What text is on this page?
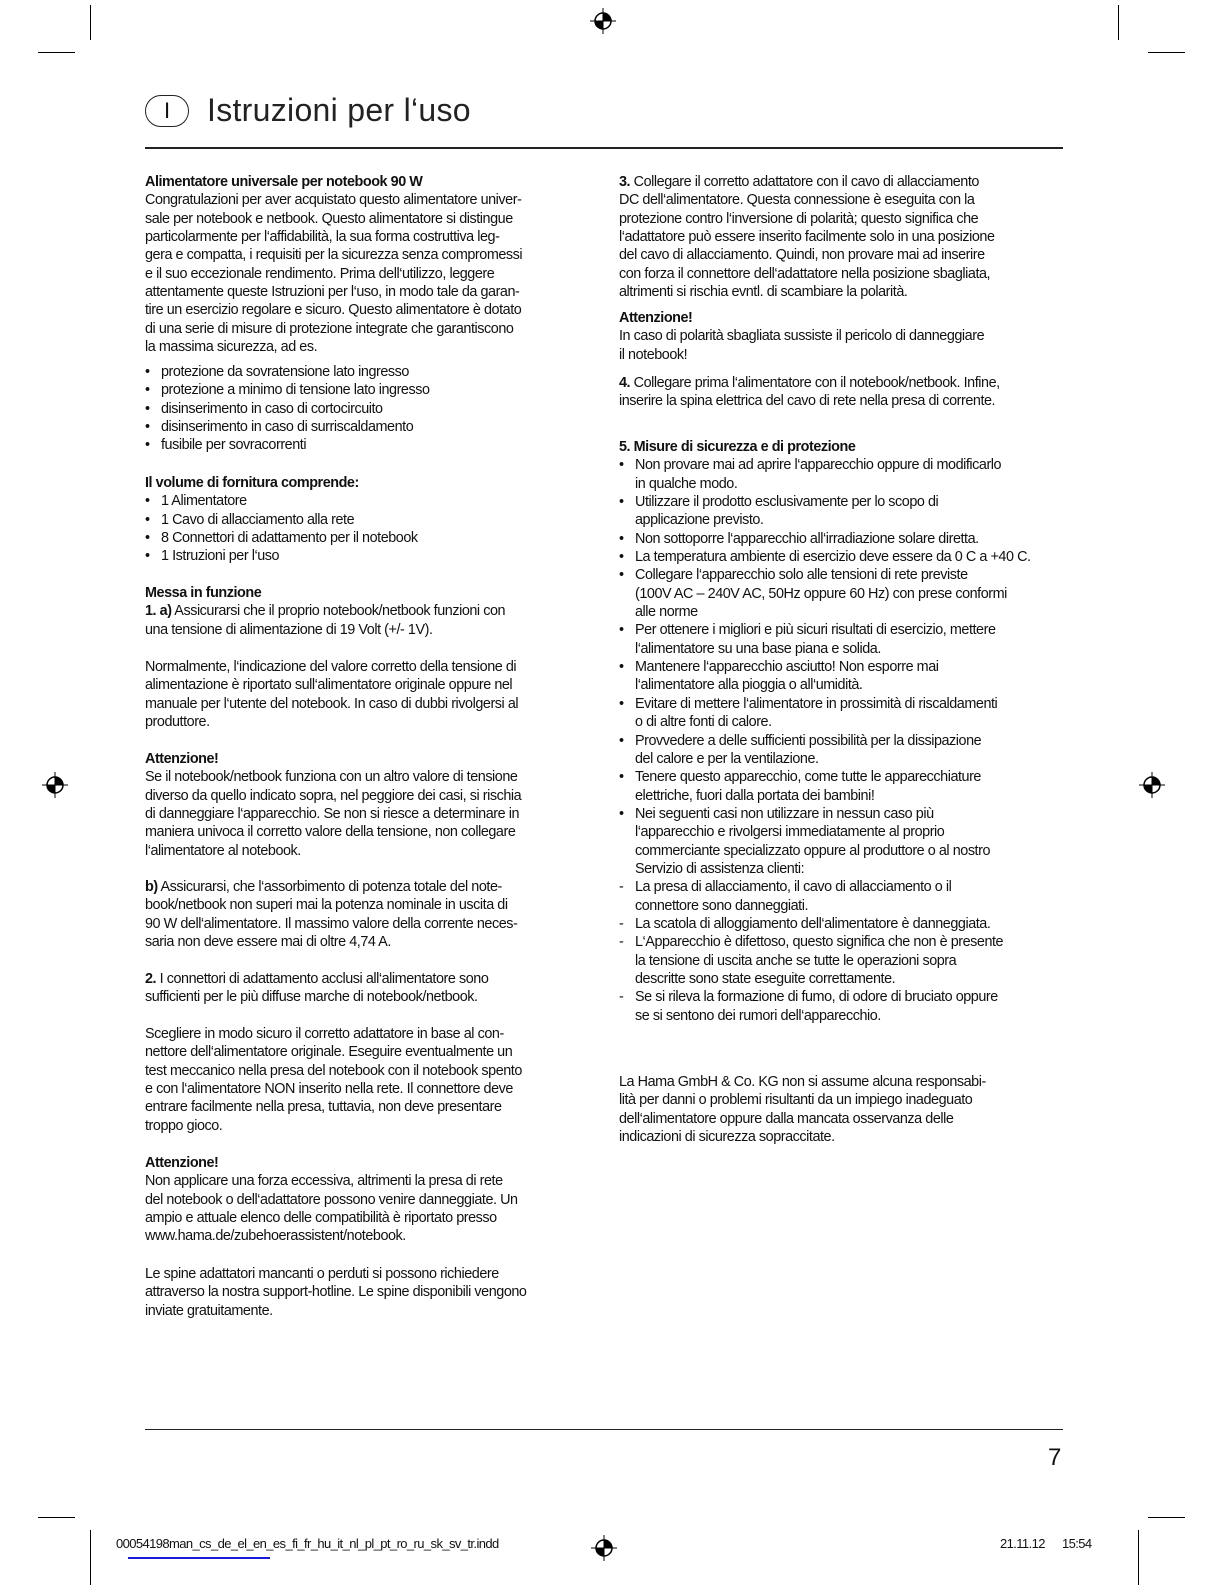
I	Istruzioni per l‘uso
Alimentatore universale per notebook 90 W
Congratulazioni per aver acquistato questo alimentatore univer-
sale per notebook e netbook. Questo alimentatore si distingue
particolarmente per l‘affidabilità, la sua forma costruttiva leg-
gera e compatta, i requisiti per la sicurezza senza compromessi
e il suo eccezionale rendimento. Prima dell‘utilizzo, leggere
attentamente queste Istruzioni per l‘uso, in modo tale da garan-
tire un esercizio regolare e sicuro. Questo alimentatore è dotato
di una serie di misure di protezione integrate che garantiscono
la massima sicurezza, ad es.
• protezione da sovratensione lato ingresso
• protezione a minimo di tensione lato ingresso
• disinserimento in caso di cortocircuito
• disinserimento in caso di surriscaldamento
• fusibile per sovracorrenti
Il volume di fornitura comprende:
• 1 Alimentatore
• 1 Cavo di allacciamento alla rete
• 8 Connettori di adattamento per il notebook
• 1 Istruzioni per l‘uso
Messa in funzione
1. a) Assicurarsi che il proprio notebook/netbook funzioni con
una tensione di alimentazione di 19 Volt (+/- 1V).
Normalmente, l‘indicazione del valore corretto della tensione di
alimentazione è riportato sull‘alimentatore originale oppure nel
manuale per l‘utente del notebook. In caso di dubbi rivolgersi al
produttore.
Attenzione!
Se il notebook/netbook funziona con un altro valore di tensione
diverso da quello indicato sopra, nel peggiore dei casi, si rischia
di danneggiare l‘apparecchio. Se non si riesce a determinare in
maniera univoca il corretto valore della tensione, non collegare
l‘alimentatore al notebook.
b) Assicurarsi, che l‘assorbimento di potenza totale del note-
book/netbook non superi mai la potenza nominale in uscita di
90 W dell‘alimentatore. Il massimo valore della corrente neces-
saria non deve essere mai di oltre 4,74 A.
2. I connettori di adattamento acclusi all‘alimentatore sono
sufficienti per le più diffuse marche di notebook/netbook.
Scegliere in modo sicuro il corretto adattatore in base al con-
nettore dell‘alimentatore originale. Eseguire eventualmente un
test meccanico nella presa del notebook con il notebook spento
e con l‘alimentatore NON inserito nella rete. Il connettore deve
entrare facilmente nella presa, tuttavia, non deve presentare
troppo gioco.
Attenzione!
Non applicare una forza eccessiva, altrimenti la presa di rete
del notebook o dell‘adattatore possono venire danneggiate. Un
ampio e attuale elenco delle compatibilità è riportato presso
www.hama.de/zubehoerassistent/notebook.
Le spine adattatori mancanti o perduti si possono richiedere
attraverso la nostra support-hotline. Le spine disponibili vengono
inviate gratuitamente.
3. Collegare il corretto adattatore con il cavo di allacciamento
DC dell‘alimentatore. Questa connessione è eseguita con la
protezione contro l‘inversione di polarità; questo significa che
l‘adattatore può essere inserito facilmente solo in una posizione
del cavo di allacciamento. Quindi, non provare mai ad inserire
con forza il connettore dell‘adattatore nella posizione sbagliata,
altrimenti si rischia evntl. di scambiare la polarità.
Attenzione!
In caso di polarità sbagliata sussiste il pericolo di danneggiare
il notebook!
4. Collegare prima l‘alimentatore con il notebook/netbook. Infine,
inserire la spina elettrica del cavo di rete nella presa di corrente.
5. Misure di sicurezza e di protezione
• Non provare mai ad aprire l‘apparecchio oppure di modificarlo
in qualche modo.
• Utilizzare il prodotto esclusivamente per lo scopo di
applicazione previsto.
• Non sottoporre l‘apparecchio all‘irradiazione solare diretta.
• La temperatura ambiente di esercizio deve essere da 0 C a +40 C.
• Collegare l‘apparecchio solo alle tensioni di rete previste
(100V AC – 240V AC, 50Hz oppure 60 Hz) con prese conformi
alle norme
• Per ottenere i migliori e più sicuri risultati di esercizio, mettere
l‘alimentatore su una base piana e solida.
• Mantenere l‘apparecchio asciutto! Non esporre mai
l‘alimentatore alla pioggia o all‘umidità.
• Evitare di mettere l‘alimentatore in prossimità di riscaldamenti
o di altre fonti di calore.
• Provvedere a delle sufficienti possibilità per la dissipazione
del calore e per la ventilazione.
• Tenere questo apparecchio, come tutte le apparecchiature
elettriche, fuori dalla portata dei bambini!
• Nei seguenti casi non utilizzare in nessun caso più
l‘apparecchio e rivolgersi immediatamente al proprio
commerciante specializzato oppure al produttore o al nostro
Servizio di assistenza clienti:
- La presa di allacciamento, il cavo di allacciamento o il
connettore sono danneggiati.
- La scatola di alloggiamento dell‘alimentatore è danneggiata.
- L‘Apparecchio è difettoso, questo significa che non è presente
la tensione di uscita anche se tutte le operazioni sopra
descritte sono state eseguite correttamente.
- Se si rileva la formazione di fumo, di odore di bruciato oppure
se si sentono dei rumori dell‘apparecchio.
La Hama GmbH & Co. KG non si assume alcuna responsabi-
lità per danni o problemi risultanti da un impiego inadeguato
dell‘alimentatore oppure dalla mancata osservanza delle
indicazioni di sicurezza sopraccitate.
7
00054198man_cs_de_el_en_es_fi_fr_hu_it_nl_pl_pt_ro_ru_sk_sv_tr.indd	21.11.12 15:54
